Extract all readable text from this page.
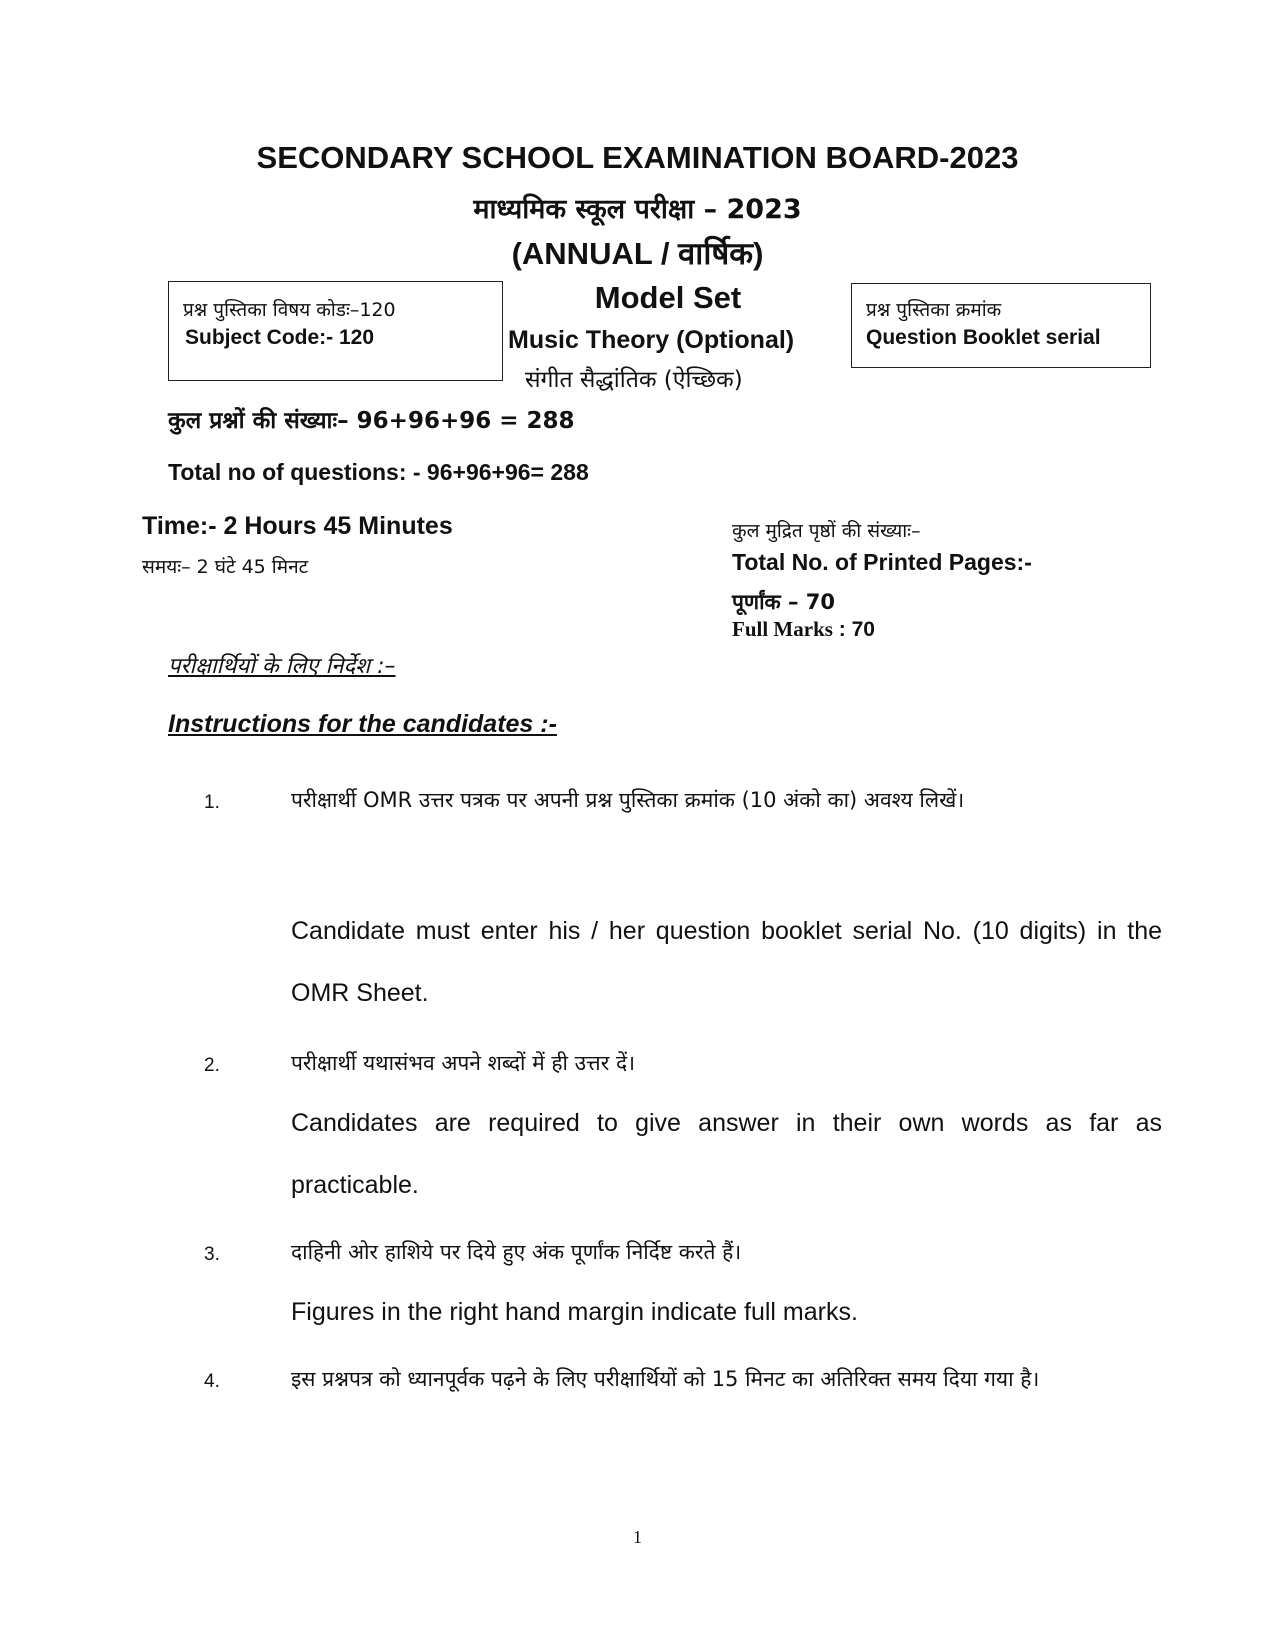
SECONDARY SCHOOL EXAMINATION BOARD-2023
माध्यमिक स्कूल परीक्षा – 2023
(ANNUAL / वार्षिक)
प्रश्न पुस्तिका विषय कोडः–120
Subject Code:- 120
Model Set
Music Theory (Optional)
संगीत सैद्धांतिक (ऐच्छिक)
प्रश्न पुस्तिका क्रमांक
Question Booklet serial
कुल प्रश्नों की संख्याः– 96+96+96 = 288
Total no of questions: - 96+96+96= 288
Time:- 2 Hours 45 Minutes
समयः– 2 घंटे 45 मिनट
कुल मुद्रित पृष्ठों की संख्याः–
Total No. of Printed Pages:-
पूर्णांक – 70
Full Marks : 70
परीक्षार्थियों के लिए निर्देश :–
Instructions for the candidates :-
1.	परीक्षार्थी OMR उत्तर पत्रक पर अपनी प्रश्न पुस्तिका क्रमांक (10 अंको का) अवश्य लिखें।
Candidate must enter his / her question booklet serial No. (10 digits) in the OMR Sheet.
2.	परीक्षार्थी यथासंभव अपने शब्दों में ही उत्तर दें।
Candidates are required to give answer in their own words as far as practicable.
3.	दाहिनी ओर हाशिये पर दिये हुए अंक पूर्णांक निर्दिष्ट करते हैं।
Figures in the right hand margin indicate full marks.
4.	इस प्रश्नपत्र को ध्यानपूर्वक पढ़ने के लिए परीक्षार्थियों को 15 मिनट का अतिरिक्त समय दिया गया है।
1
